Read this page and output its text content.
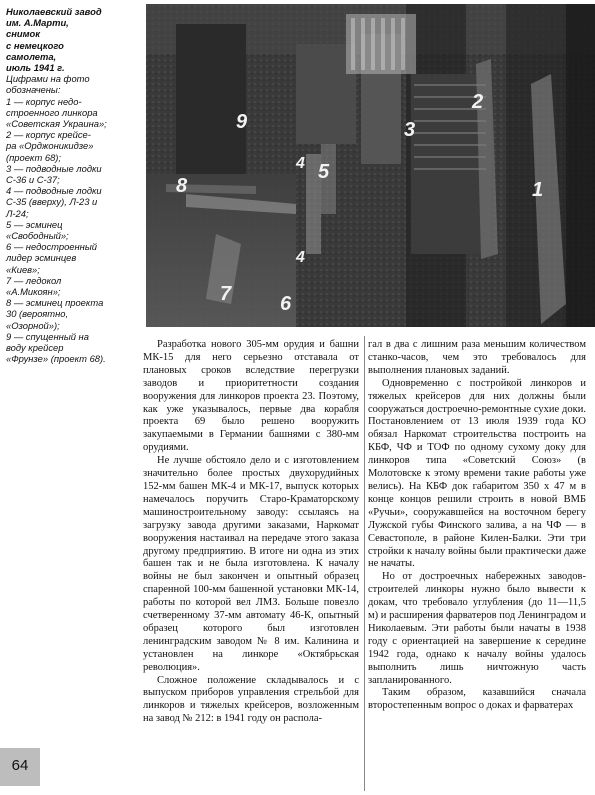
Николаевский завод

им. А.Марти,

снимок

с немецкого

самолета,

июль 1941 г.

Цифрами на фото

обозначены:

1 — корпус недо-

строенного линкора

«Советская Украина»;

2 — корпус крейсе-

ра «Орджоникидзе»

(проект 68);

3 — подводные лодки

С-36 и С-37;

4 — подводные лодки

С-35 (вверху), Л-23 и

Л-24;

5 — эсминец

«Свободный»;

6 — недостроенный

лидер эсминцев

«Киев»;

7 — ледокол

«А.Микоян»;

8 — эсминец проекта

30 (вероятно,

«Озорной»);

9 — спущенный на

воду крейсер

«Фрунзе» (проект 68).

1
2
3
4
4
5
6
7
8
9

Разработка нового 305-мм орудия и башни МК-15 для него серьезно отставала от плановых сроков вследствие перегрузки заводов и приоритетности создания вооружения для линкоров проекта 23. Поэтому, как уже указывалось, первые два корабля проекта 69 было решено вооружить закупаемыми в Германии башнями с 380-мм орудиями.

Не лучше обстояло дело и с изготовлением значительно более простых двухорудийных 152-мм башен МК-4 и МК-17, выпуск которых намечалось поручить Старо-Краматорскому машиностроительному заводу: ссылаясь на загрузку завода другими заказами, Наркомат вооружения настаивал на передаче этого заказа другому предприятию. В итоге ни одна из этих башен так и не была изготовлена. К началу войны не был закончен и опытный образец спаренной 100-мм башенной установки МК-14, работы по которой вел ЛМЗ. Больше повезло счетверенному 37-мм автомату 46-К, опытный образец которого был изготовлен ленинградским заводом № 8 им. Калинина и установлен на линкоре «Октябрьская революция».

Сложное положение складывалось и с выпуском приборов управления стрельбой для линкоров и тяжелых крейсеров, возложенным на завод № 212: в 1941 году он распола-

гал в два с лишним раза меньшим количеством станко-часов, чем это требовалось для выполнения плановых заданий.

Одновременно с постройкой линкоров и тяжелых крейсеров для них должны были сооружаться достроечно-ремонтные сухие доки. Постановлением от 13 июля 1939 года КО обязал Наркомат строительства построить на КБФ, ЧФ и ТОФ по одному сухому доку для линкоров типа «Советский Союз» (в Молотовске к этому времени такие работы уже велись). На КБФ док габаритом 350 х 47 м в конце концов решили строить в новой ВМБ «Ручьи», сооружавшейся на восточном берегу Лужской губы Финского залива, а на ЧФ — в Севастополе, в районе Килен-Балки. Эти три стройки к началу войны были практически даже не начаты.

Но от достроечных набережных заводов-строителей линкоры нужно было вывести к докам, что требовало углубления (до 11—11,5 м) и расширения фарватеров под Ленинградом и Николаевым. Эти работы были начаты в 1938 году с ориентацией на завершение к середине 1942 года, однако к началу войны удалось выполнить лишь ничтожную часть запланированного.

Таким образом, казавшийся сначала второстепенным вопрос о доках и фарватерах

64
